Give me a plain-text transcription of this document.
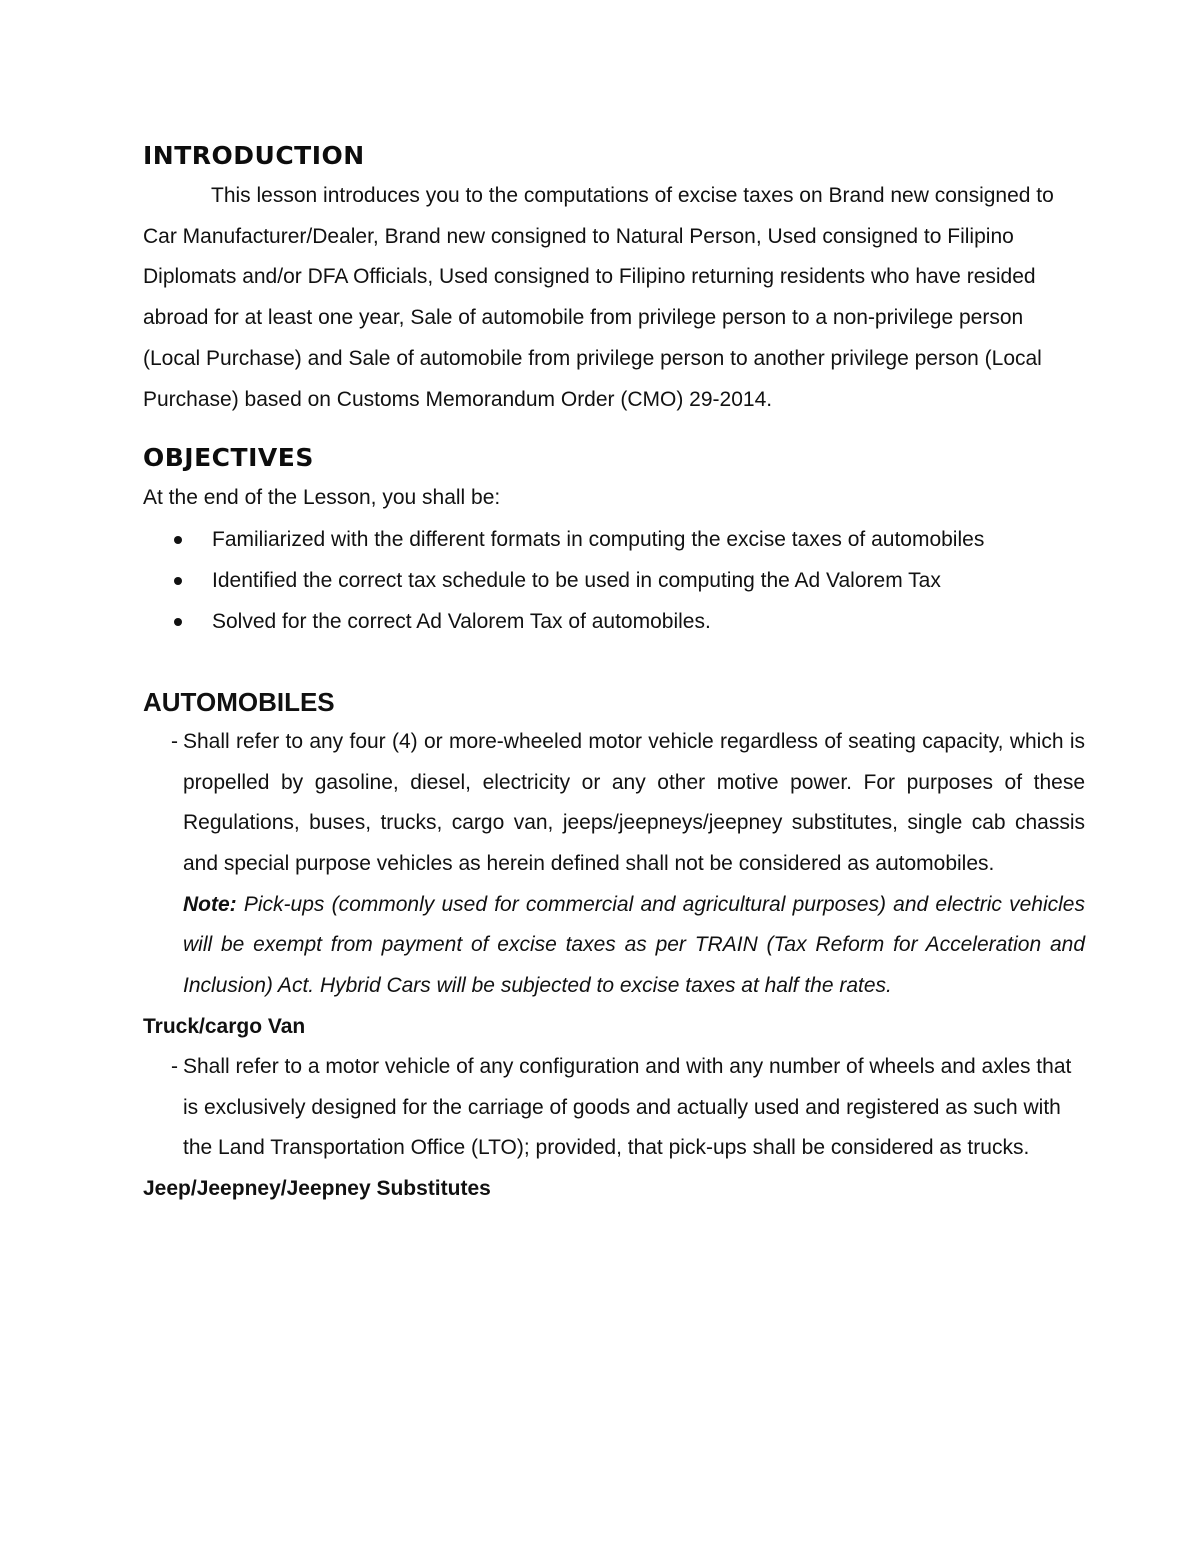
INTRODUCTION

This lesson introduces you to the computations of excise taxes on Brand new consigned to Car Manufacturer/Dealer, Brand new consigned to Natural Person, Used consigned to Filipino Diplomats and/or DFA Officials, Used consigned to Filipino returning residents who have resided abroad for at least one year, Sale of automobile from privilege person to a non-privilege person (Local Purchase) and Sale of automobile from privilege person to another privilege person (Local Purchase) based on Customs Memorandum Order (CMO) 29-2014.

OBJECTIVES

At the end of the Lesson, you shall be:

Familiarized with the different formats in computing the excise taxes of automobiles
Identified the correct tax schedule to be used in computing the Ad Valorem Tax
Solved for the correct Ad Valorem Tax of automobiles.
AUTOMOBILES
- Shall refer to any four (4) or more-wheeled motor vehicle regardless of seating capacity, which is propelled by gasoline, diesel, electricity or any other motive power. For purposes of these Regulations, buses, trucks, cargo van, jeeps/jeepneys/jeepney substitutes, single cab chassis and special purpose vehicles as herein defined shall not be considered as automobiles.
Note: Pick-ups (commonly used for commercial and agricultural purposes) and electric vehicles will be exempt from payment of excise taxes as per TRAIN (Tax Reform for Acceleration and Inclusion) Act. Hybrid Cars will be subjected to excise taxes at half the rates.
Truck/cargo Van
- Shall refer to a motor vehicle of any configuration and with any number of wheels and axles that is exclusively designed for the carriage of goods and actually used and registered as such with the Land Transportation Office (LTO); provided, that pick-ups shall be considered as trucks.
Jeep/Jeepney/Jeepney Substitutes
